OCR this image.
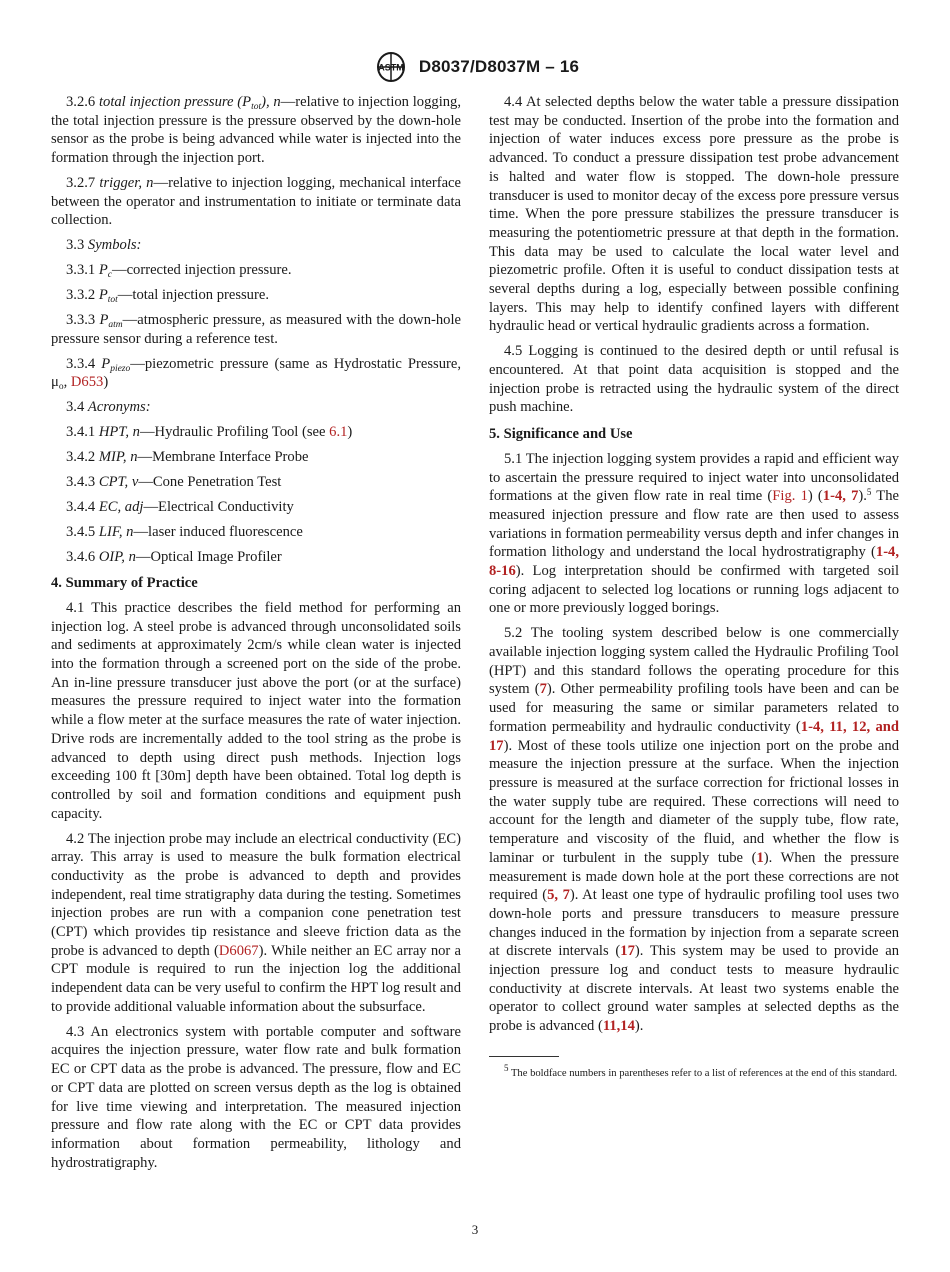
ASTM D8037/D8037M – 16

3.2.6 total injection pressure $(P_{tot})$, n—relative to injection logging, the total injection pressure is the pressure observed by the down-hole sensor as the probe is being advanced while water is injected into the formation through the injection port.

3.2.7 trigger, n—relative to injection logging, mechanical interface between the operator and instrumentation to initiate or terminate data collection.

3.3 Symbols:

3.3.1 $P_c—corrected$ injection pressure.

3.3.2 $P_{tot}—total$ injection pressure.

3.3.3 $P_{atm}—atmospheric$ pressure, as measured with the down-hole pressure sensor during a reference test.

3.3.4 $P_{piezo}—piezometric$ pressure (same as Hydrostatic Pressure, $\mu_o$, D653)

3.4 Acronyms:

3.4.1 HPT, n—Hydraulic Profiling Tool (see 6.1)

3.4.2 MIP, n—Membrane Interface Probe

3.4.3 CPT, v—Cone Penetration Test

3.4.4 EC, adj—Electrical Conductivity

3.4.5 LIF, n—laser induced fluorescence

3.4.6 OIP, n—Optical Image Profiler

4. Summary of Practice

4.1 This practice describes the field method for performing an injection log. A steel probe is advanced through unconsolidated soils and sediments at approximately 2cm/s while clean water is injected into the formation through a screened port on the side of the probe. An in-line pressure transducer just above the port (or at the surface) measures the pressure required to inject water into the formation while a flow meter at the surface measures the rate of water injection. Drive rods are incrementally added to the tool string as the probe is advanced to depth using direct push methods. Injection logs exceeding 100 ft [30m] depth have been obtained. Total log depth is controlled by soil and formation conditions and equipment push capacity.

4.2 The injection probe may include an electrical conductivity (EC) array. This array is used to measure the bulk formation electrical conductivity as the probe is advanced to depth and provides independent, real time stratigraphy data during the testing. Sometimes injection probes are run with a companion cone penetration test (CPT) which provides tip resistance and sleeve friction data as the probe is advanced to depth (D6067). While neither an EC array nor a CPT module is required to run the injection log the additional independent data can be very useful to confirm the HPT log result and to provide additional valuable information about the subsurface.

4.3 An electronics system with portable computer and software acquires the injection pressure, water flow rate and bulk formation EC or CPT data as the probe is advanced. The pressure, flow and EC or CPT data are plotted on screen versus depth as the log is obtained for live time viewing and interpretation. The measured injection pressure and flow rate along with the EC or CPT data provides information about formation permeability, lithology and hydrostratigraphy.

4.4 At selected depths below the water table a pressure dissipation test may be conducted. Insertion of the probe into the formation and injection of water induces excess pore pressure as the probe is advanced. To conduct a pressure dissipation test probe advancement is halted and water flow is stopped. The down-hole pressure transducer is used to monitor decay of the excess pore pressure versus time. When the pore pressure stabilizes the pressure transducer is measuring the potentiometric pressure at that depth in the formation. This data may be used to calculate the local water level and piezometric profile. Often it is useful to conduct dissipation tests at several depths during a log, especially between possible confining layers. This may help to identify confined layers with different hydraulic head or vertical hydraulic gradients across a formation.

4.5 Logging is continued to the desired depth or until refusal is encountered. At that point data acquisition is stopped and the injection probe is retracted using the hydraulic system of the direct push machine.

5. Significance and Use

5.1 The injection logging system provides a rapid and efficient way to ascertain the pressure required to inject water into unconsolidated formations at the given flow rate in real time (Fig. 1) (1-4, 7).$^5$ The measured injection pressure and flow rate are then used to assess variations in formation permeability versus depth and infer changes in formation lithology and understand the local hydrostratigraphy (1-4, 8-16). Log interpretation should be confirmed with targeted soil coring adjacent to selected log locations or running logs adjacent to one or more previously logged borings.

5.2 The tooling system described below is one commercially available injection logging system called the Hydraulic Profiling Tool (HPT) and this standard follows the operating procedure for this system (7). Other permeability profiling tools have been and can be used for measuring the same or similar parameters related to formation permeability and hydraulic conductivity (1-4, 11, 12, and 17). Most of these tools utilize one injection port on the probe and measure the injection pressure at the surface. When the injection pressure is measured at the surface correction for frictional losses in the water supply tube are required. These corrections will need to account for the length and diameter of the supply tube, flow rate, temperature and viscosity of the fluid, and whether the flow is laminar or turbulent in the supply tube (1). When the pressure measurement is made down hole at the port these corrections are not required (5, 7). At least one type of hydraulic profiling tool uses two down-hole ports and pressure transducers to measure pressure changes induced in the formation by injection from a separate screen at discrete intervals (17). This system may be used to provide an injection pressure log and conduct tests to measure hydraulic conductivity at discrete intervals. At least two systems enable the operator to collect ground water samples at selected depths as the probe is advanced (11,14).

$^5$ The boldface numbers in parentheses refer to a list of references at the end of this standard.

3
